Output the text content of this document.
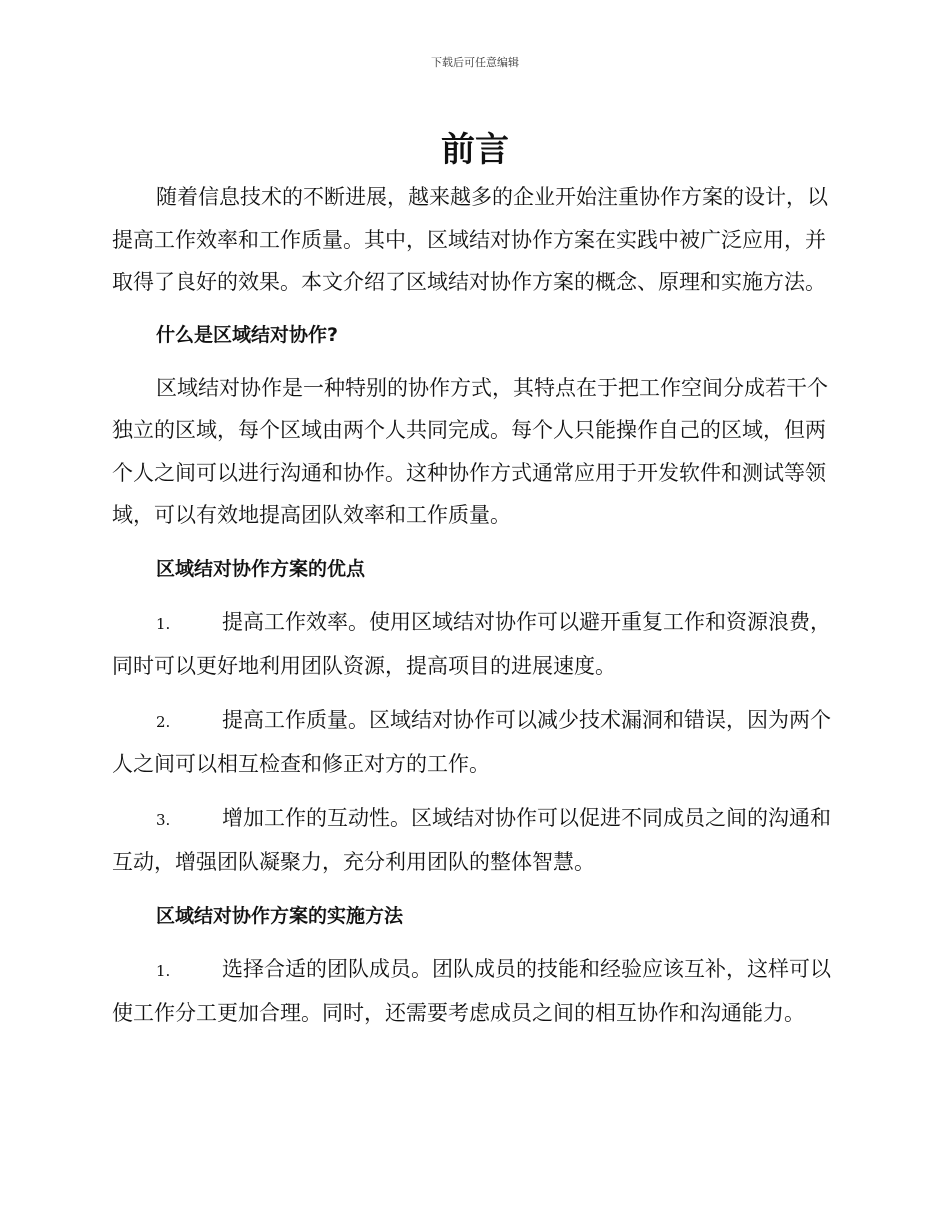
下载后可任意编辑
前言

随着信息技术的不断进展，越来越多的企业开始注重协作方案的设计，以提高工作效率和工作质量。其中，区域结对协作方案在实践中被广泛应用，并取得了良好的效果。本文介绍了区域结对协作方案的概念、原理和实施方法。

什么是区域结对协作?

区域结对协作是一种特别的协作方式，其特点在于把工作空间分成若干个独立的区域，每个区域由两个人共同完成。每个人只能操作自己的区域，但两个人之间可以进行沟通和协作。这种协作方式通常应用于开发软件和测试等领域，可以有效地提高团队效率和工作质量。

区域结对协作方案的优点

1. 提高工作效率。使用区域结对协作可以避开重复工作和资源浪费，同时可以更好地利用团队资源，提高项目的进展速度。

2. 提高工作质量。区域结对协作可以减少技术漏洞和错误，因为两个人之间可以相互检查和修正对方的工作。

3. 增加工作的互动性。区域结对协作可以促进不同成员之间的沟通和互动，增强团队凝聚力，充分利用团队的整体智慧。

区域结对协作方案的实施方法

1. 选择合适的团队成员。团队成员的技能和经验应该互补，这样可以使工作分工更加合理。同时，还需要考虑成员之间的相互协作和沟通能力。
